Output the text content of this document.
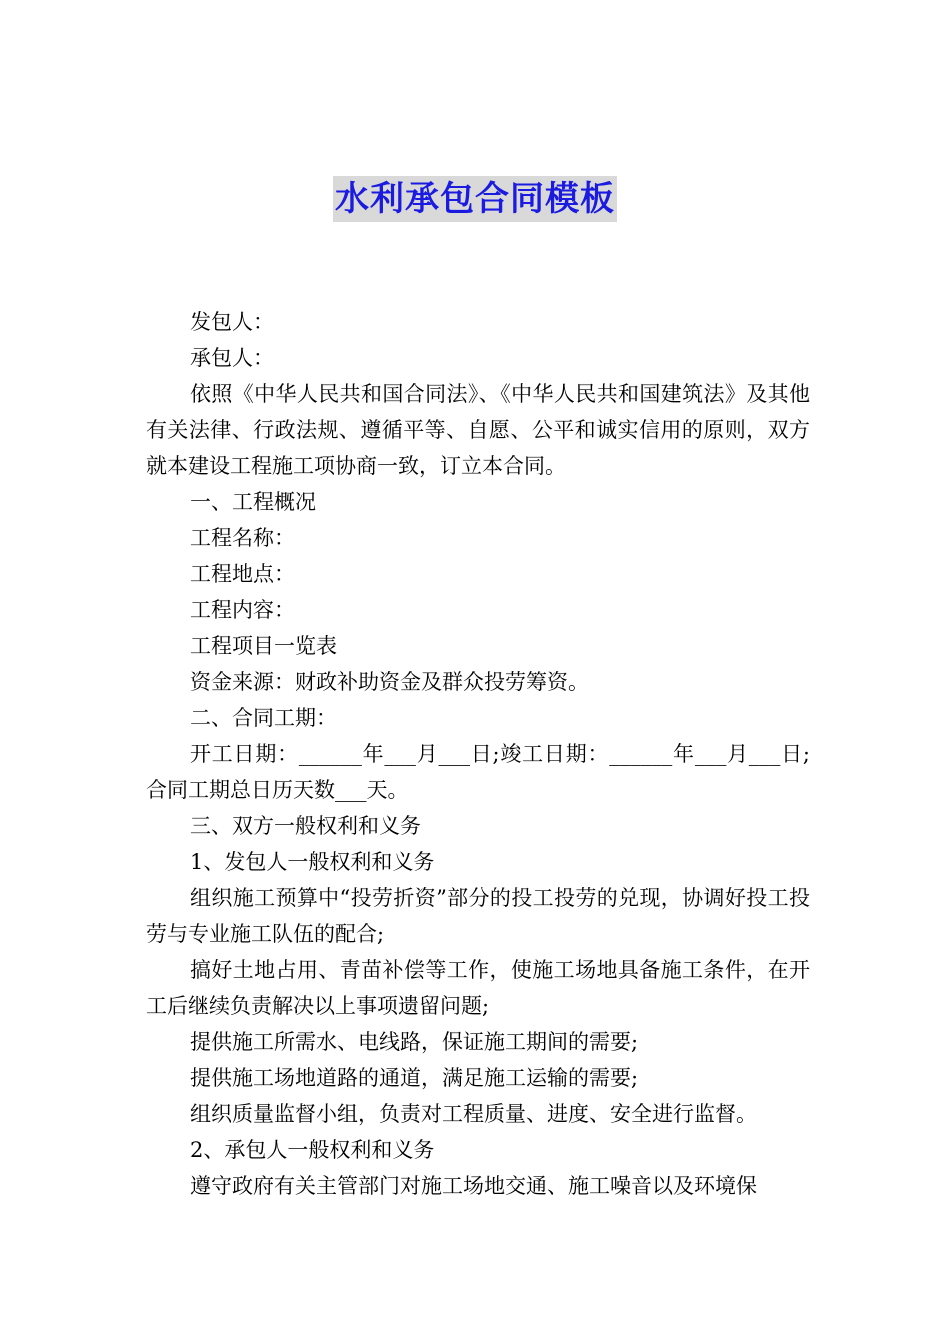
水利承包合同模板

发包人：

承包人：

依照《中华人民共和国合同法》、《中华人民共和国建筑法》及其他有关法律、行政法规、遵循平等、自愿、公平和诚实信用的原则，双方就本建设工程施工项协商一致，订立本合同。

一、工程概况

工程名称：

工程地点：

工程内容：

工程项目一览表

资金来源：财政补助资金及群众投劳筹资。

二、合同工期：

开工日期：______年___月___日;竣工日期：______年___月___日;合同工期总日历天数___天。

三、双方一般权利和义务

1、发包人一般权利和义务

组织施工预算中“投劳折资”部分的投工投劳的兑现，协调好投工投劳与专业施工队伍的配合;

搞好土地占用、青苗补偿等工作，使施工场地具备施工条件，在开工后继续负责解决以上事项遗留问题;

提供施工所需水、电线路，保证施工期间的需要;

提供施工场地道路的通道，满足施工运输的需要;

组织质量监督小组，负责对工程质量、进度、安全进行监督。

2、承包人一般权利和义务

遵守政府有关主管部门对施工场地交通、施工噪音以及环境保
